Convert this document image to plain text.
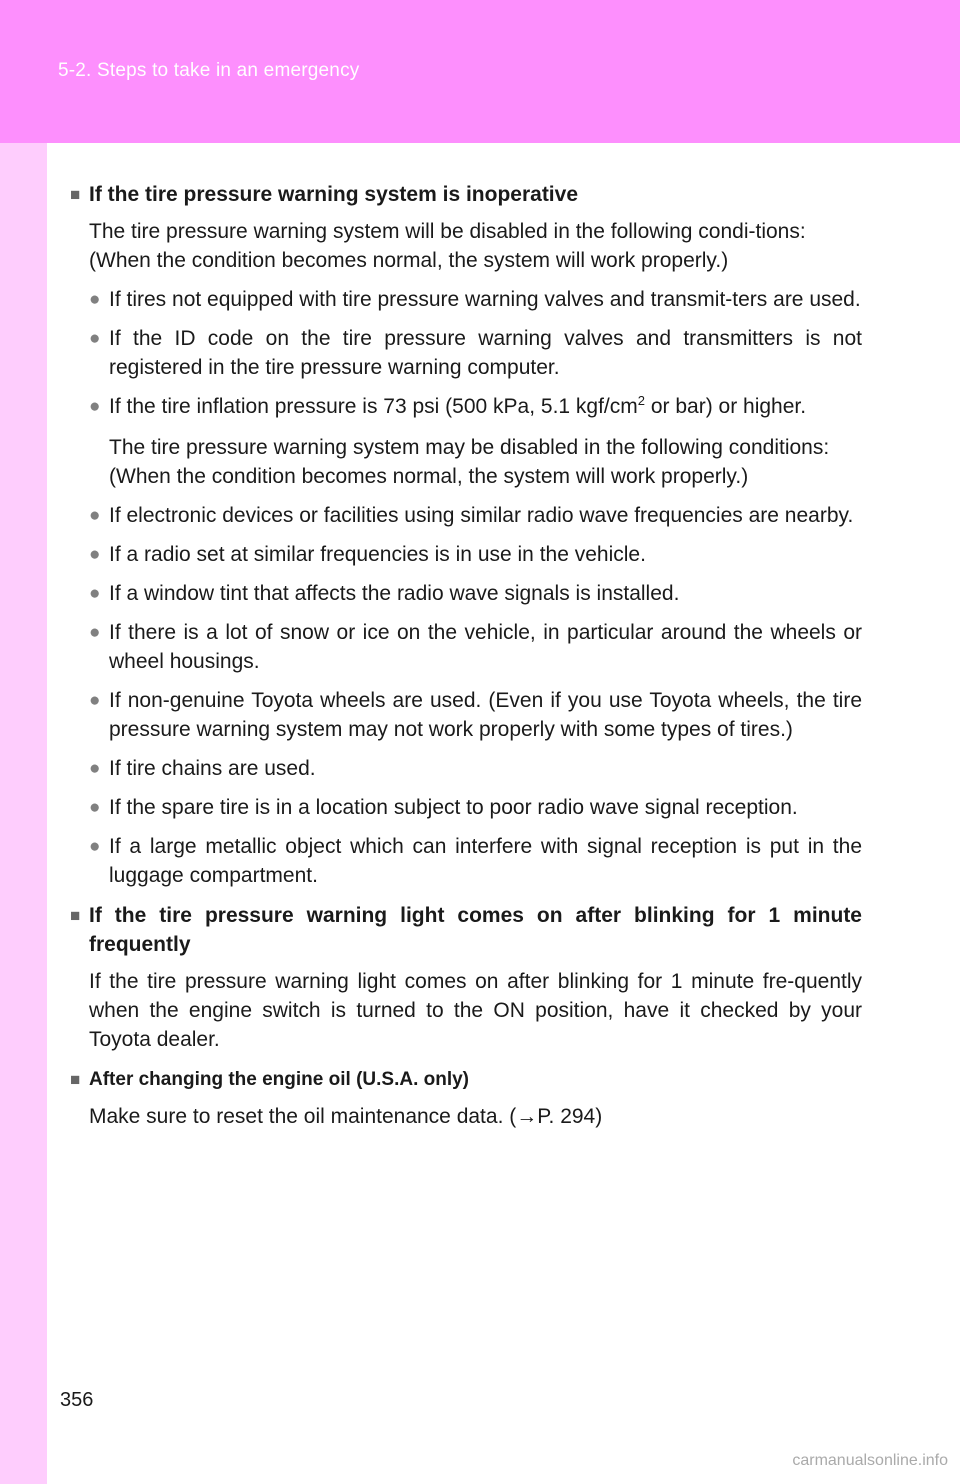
5-2. Steps to take in an emergency
■ If the tire pressure warning system is inoperative
The tire pressure warning system will be disabled in the following condi-tions:
(When the condition becomes normal, the system will work properly.)
● If tires not equipped with tire pressure warning valves and transmit-ters are used.
● If the ID code on the tire pressure warning valves and transmitters is not registered in the tire pressure warning computer.
● If the tire inflation pressure is 73 psi (500 kPa, 5.1 kgf/$cm^2$ or bar) or higher.
The tire pressure warning system may be disabled in the following conditions:
(When the condition becomes normal, the system will work properly.)
● If electronic devices or facilities using similar radio wave frequencies are nearby.
● If a radio set at similar frequencies is in use in the vehicle.
● If a window tint that affects the radio wave signals is installed.
● If there is a lot of snow or ice on the vehicle, in particular around the wheels or wheel housings.
● If non-genuine Toyota wheels are used. (Even if you use Toyota wheels, the tire pressure warning system may not work properly with some types of tires.)
● If tire chains are used.
● If the spare tire is in a location subject to poor radio wave signal reception.
● If a large metallic object which can interfere with signal reception is put in the luggage compartment.
■ If the tire pressure warning light comes on after blinking for 1 minute frequently
If the tire pressure warning light comes on after blinking for 1 minute fre-quently when the engine switch is turned to the ON position, have it checked by your Toyota dealer.
■ After changing the engine oil (U.S.A. only)
Make sure to reset the oil maintenance data. (→P. 294)
356
carmanualsonline.info
